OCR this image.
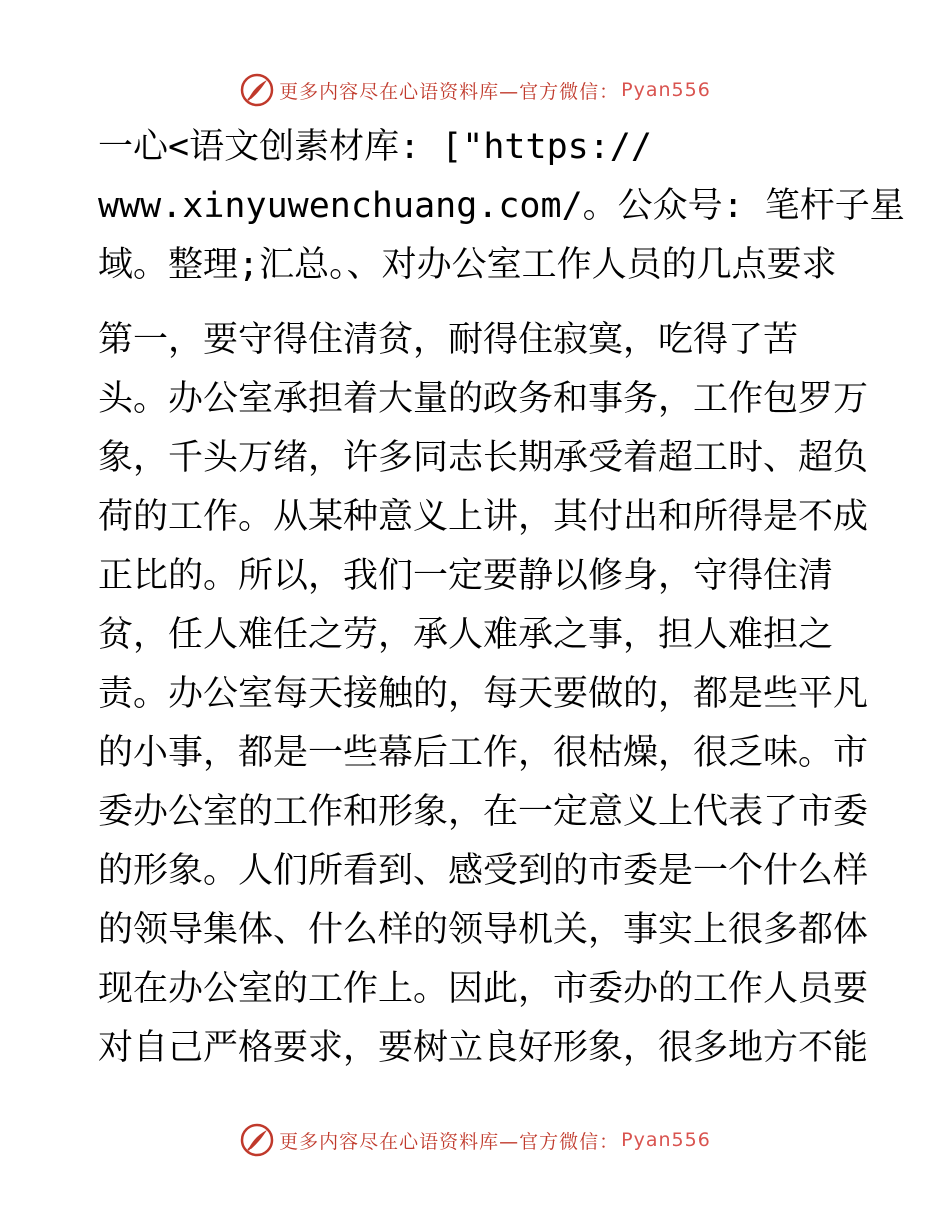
更多内容尽在心语资料库—官方微信： Pyan556
一心<语文创素材库: ["https://
www.xinyuwenchuang.com/。公众号: 笔杆子星
域。整理;汇总。、对办公室工作人员的几点要求
第一，要守得住清贫，耐得住寂寞，吃得了苦
头。办公室承担着大量的政务和事务，工作包罗万
象，千头万绪，许多同志长期承受着超工时、超负
荷的工作。从某种意义上讲，其付出和所得是不成
正比的。所以，我们一定要静以修身，守得住清
贫，任人难任之劳，承人难承之事，担人难担之
责。办公室每天接触的，每天要做的，都是些平凡
的小事，都是一些幕后工作，很枯燥，很乏味。市
委办公室的工作和形象，在一定意义上代表了市委
的形象。人们所看到、感受到的市委是一个什么样
的领导集体、什么样的领导机关，事实上很多都体
现在办公室的工作上。因此，市委办的工作人员要
对自己严格要求，要树立良好形象，很多地方不能
更多内容尽在心语资料库—官方微信： Pyan556
